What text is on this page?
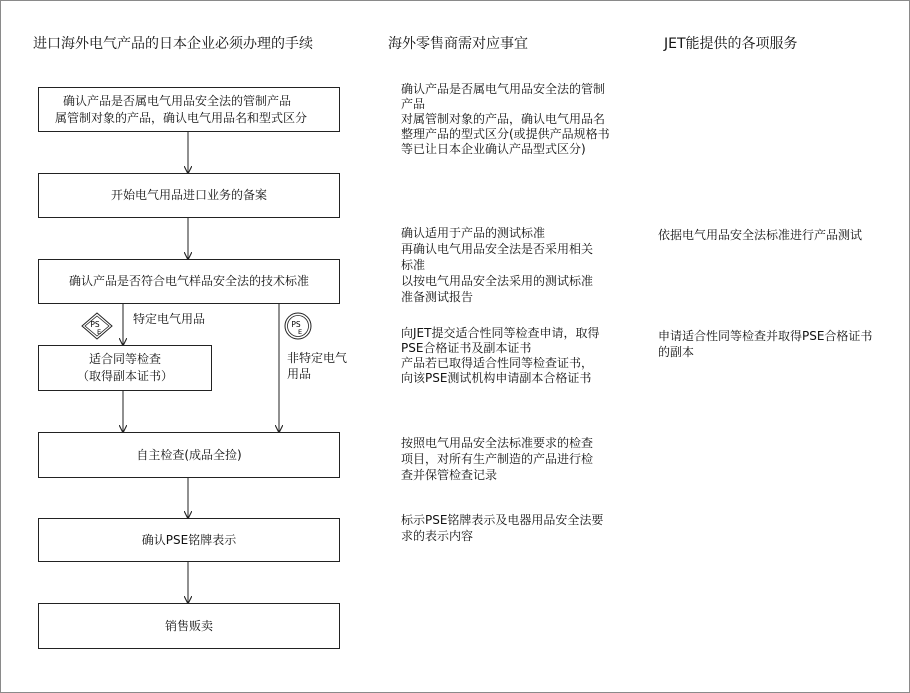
进口海外电气产品的日本企业必须办理的手续	海外零售商需对应事宜	JET能提供的各项服务
PS
E
PS
E
确认产品是否属电气用品安全法的管制产品
属管制对象的产品，确认电气用品名和型式区分
开始电气用品进口业务的备案
确认产品是否符合电气样品安全法的技术标准
特定电气用品
适合同等检查
（取得副本证书）
非特定电气
用品
自主检查(成品全捡)
确认PSE铭牌表示
销售贩卖
确认产品是否属电气用品安全法的管制
产品
对属管制对象的产品，确认电气用品名
整理产品的型式区分(或提供产品规格书
等已让日本企业确认产品型式区分)
确认适用于产品的测试标准
再确认电气用品安全法是否采用相关
标准
以按电气用品安全法采用的测试标准
准备测试报告
向JET提交适合性同等检查申请，取得
PSE合格证书及副本证书
产品若已取得适合性同等检查证书，
向该PSE测试机构申请副本合格证书
按照电气用品安全法标准要求的检查
项目，对所有生产制造的产品进行检
查并保管检查记录
标示PSE铭牌表示及电器用品安全法要
求的表示内容
依据电气用品安全法标准进行产品测试
申请适合性同等检查并取得PSE合格证书
的副本
